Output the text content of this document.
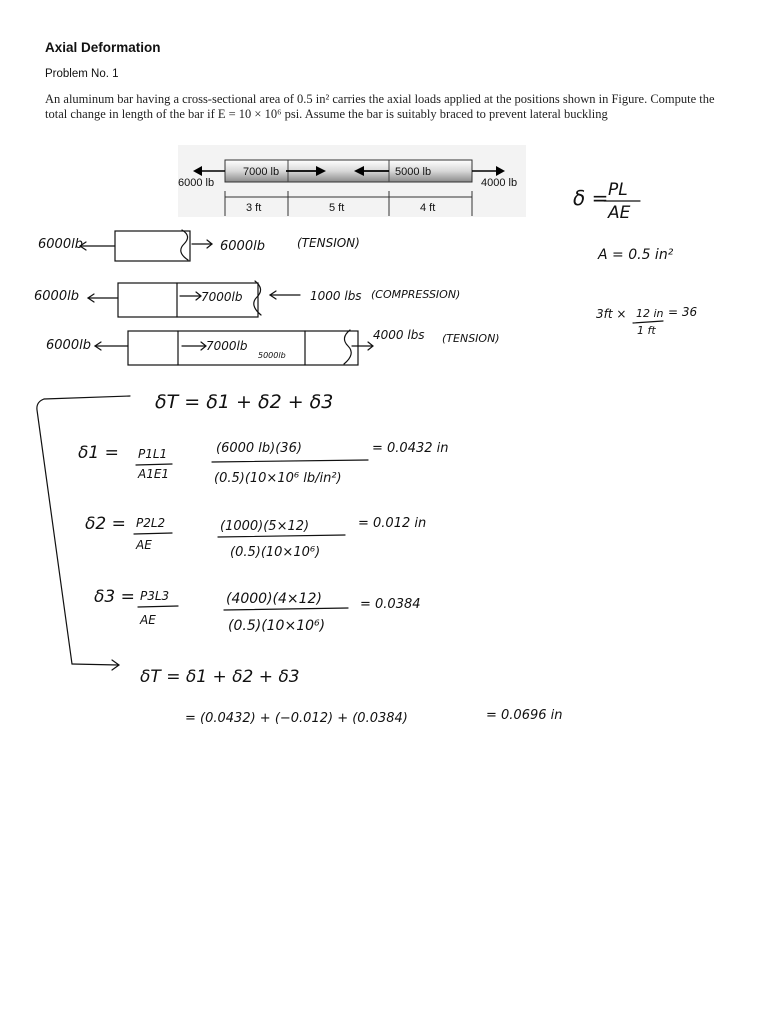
Axial Deformation
Problem No. 1
An aluminum bar having a cross-sectional area of 0.5 in² carries the axial loads applied at the positions shown in Figure. Compute the total change in length of the bar if E = 10 × 10⁶ psi. Assume the bar is suitably braced to prevent lateral buckling
6000 lb
7000 lb	5000 lb
4000 lb
3 ft	5 ft	4 ft
6000lb	6000lb	(TENSION)
6000lb	7000lb	1000 lbs (COMPRESSION)
6000lb	7000lb
5000lb
4000 lbs (TENSION)
δ = PL
AE
A = 0.5 in²
3ft × 12 in
1 ft
= 36
δT = δ1 + δ2 + δ3
δ1 = P1L1
A1E1
(6000 lb)(36)
(0.5)(10×10⁶ lb/in²)
= 0.0432 in
δ2 = P2L2
AE
(1000)(5×12)
(0.5)(10×10⁶)
= 0.012 in
δ3 = P3L3
AE
(4000)(4×12)
(0.5)(10×10⁶)
= 0.0384
δT = δ1 + δ2 + δ3
= (0.0432) + (−0.012) + (0.0384)	= 0.0696 in
